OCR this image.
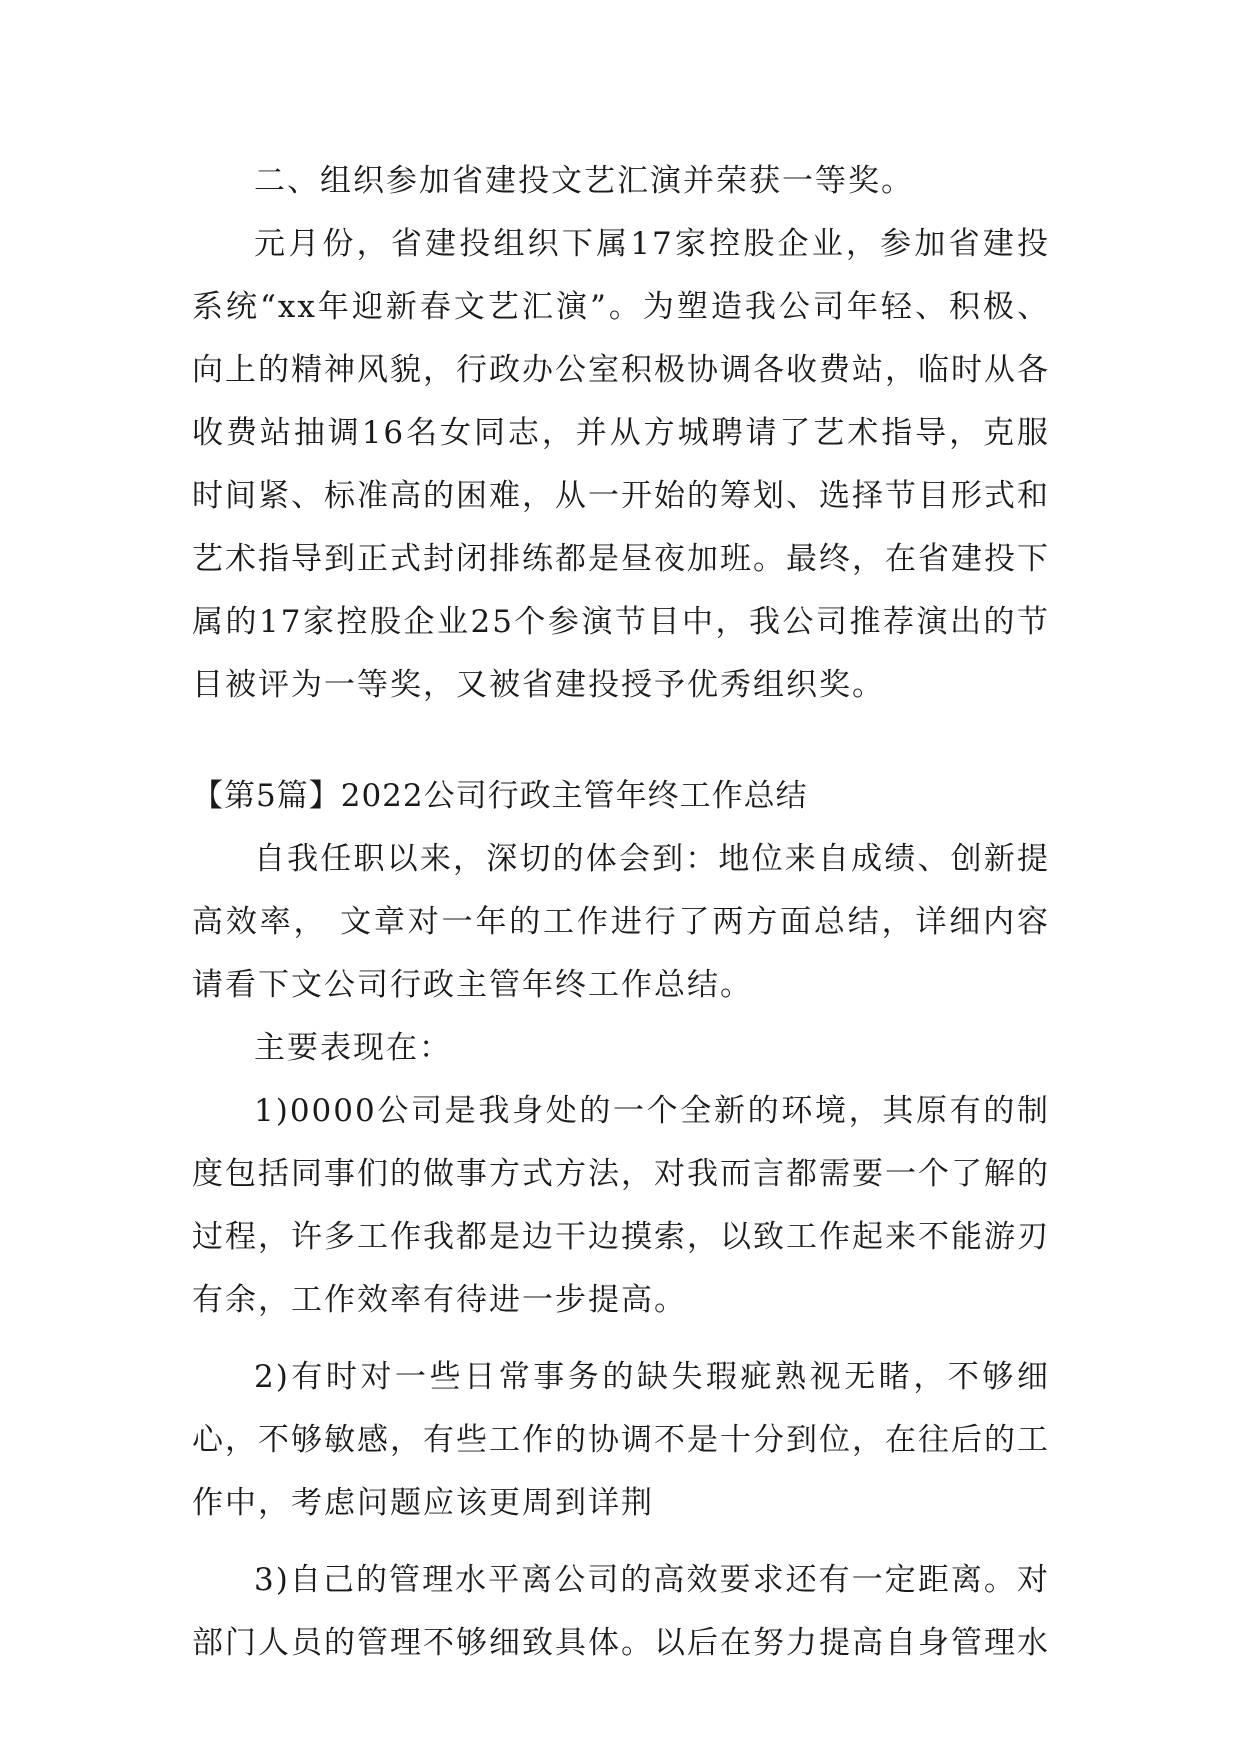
二、组织参加省建投文艺汇演并荣获一等奖。

元月份，省建投组织下属17家控股企业，参加省建投系统“xx年迎新春文艺汇演”。为塑造我公司年轻、积极、向上的精神风貌，行政办公室积极协调各收费站，临时从各收费站抽调16名女同志，并从方城聘请了艺术指导，克服时间紧、标准高的困难，从一开始的筹划、选择节目形式和艺术指导到正式封闭排练都是昼夜加班。最终，在省建投下属的17家控股企业25个参演节目中，我公司推荐演出的节目被评为一等奖，又被省建投授予优秀组织奖。

【第5篇】2022公司行政主管年终工作总结

自我任职以来，深切的体会到：地位来自成绩、创新提高效率， 文章对一年的工作进行了两方面总结，详细内容请看下文公司行政主管年终工作总结。

主要表现在：

1)0000公司是我身处的一个全新的环境，其原有的制度包括同事们的做事方式方法，对我而言都需要一个了解的过程，许多工作我都是边干边摸索，以致工作起来不能游刃有余，工作效率有待进一步提高。

2)有时对一些日常事务的缺失瑕疵熟视无睹，不够细心，不够敏感，有些工作的协调不是十分到位，在往后的工作中，考虑问题应该更周到详荆

3)自己的管理水平离公司的高效要求还有一定距离。对部门人员的管理不够细致具体。以后在努力提高自身管理水
